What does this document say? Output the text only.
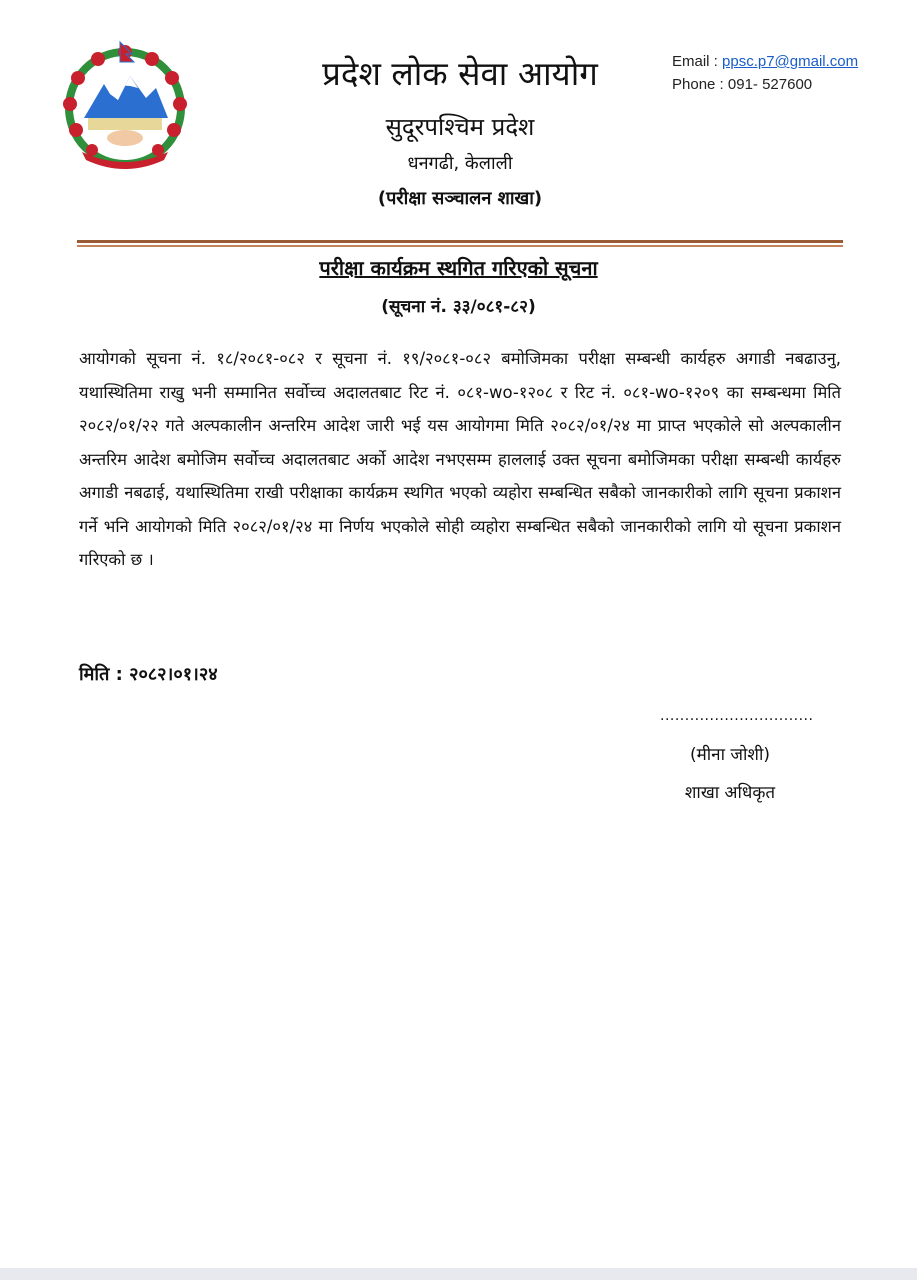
Email : ppsc.p7@gmail.com
Phone : 091- 527600
प्रदेश लोक सेवा आयोग
सुदूरपश्चिम प्रदेश
धनगढी, केलाली
(परीक्षा सञ्चालन शाखा)
परीक्षा कार्यक्रम स्थगित गरिएको सूचना
(सूचना नं. ३३/०८१-८२)

आयोगको सूचना नं. १८/२०८१-०८२ र सूचना नं. १९/२०८१-०८२ बमोजिमका परीक्षा सम्बन्धी कार्यहरु अगाडी नबढाउनु, यथास्थितिमा राखु भनी सम्मानित सर्वोच्च अदालतबाट रिट नं. ०८१-wo-१२०८ र रिट नं. ०८१-wo-१२०९ का सम्बन्धमा मिति २०८२/०१/२२ गते अल्पकालीन अन्तरिम आदेश जारी भई यस आयोगमा मिति २०८२/०१/२४ मा प्राप्त भएकोले सो अल्पकालीन अन्तरिम आदेश बमोजिम सर्वोच्च अदालतबाट अर्को आदेश नभएसम्म हाललाई उक्त सूचना बमोजिमका परीक्षा सम्बन्धी कार्यहरु अगाडी नबढाई, यथास्थितिमा राखी परीक्षाका कार्यक्रम स्थगित भएको व्यहोरा सम्बन्धित सबैको जानकारीको लागि सूचना प्रकाशन गर्ने भनि आयोगको मिति २०८२/०१/२४ मा निर्णय भएकोले सोही व्यहोरा सम्बन्धित सबैको जानकारीको लागि यो सूचना प्रकाशन गरिएको छ ।

मिति : २०८२।०१।२४
...............................
(मीना जोशी)
शाखा अधिकृत
